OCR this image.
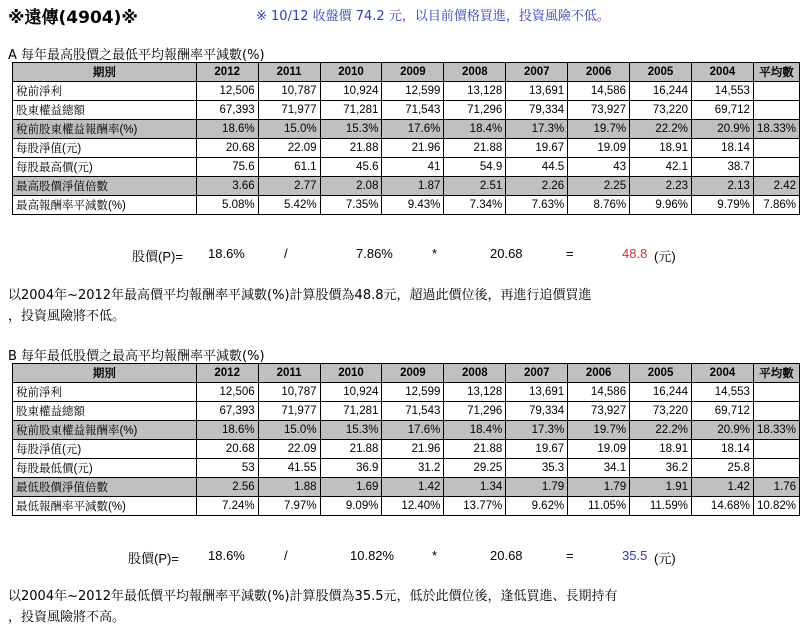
※遠傳(4904)※	※ 10/12 收盤價 74.2 元，以目前價格買進，投資風險不低。
A 每年最高股價之最低平均報酬率平減數(%)
期別	2012	2011	2010	2009	2008	2007	2006	2005	2004	平均數
稅前淨利	12,506	10,787	10,924	12,599	13,128	13,691	14,586	16,244	14,553	
股東權益總額	67,393	71,977	71,281	71,543	71,296	79,334	73,927	73,220	69,712	
稅前股東權益報酬率(%)	18.6%	15.0%	15.3%	17.6%	18.4%	17.3%	19.7%	22.2%	20.9%	18.33%
每股淨值(元)	20.68	22.09	21.88	21.96	21.88	19.67	19.09	18.91	18.14	
每股最高價(元)	75.6	61.1	45.6	41	54.9	44.5	43	42.1	38.7	
最高股價淨值倍數	3.66	2.77	2.08	1.87	2.51	2.26	2.25	2.23	2.13	2.42
最高報酬率平減數(%)	5.08%	5.42%	7.35%	9.43%	7.34%	7.63%	8.76%	9.96%	9.79%	7.86%
股價(P)= 18.6%	/	7.86%	*	20.68	=	48.8 (元)
以2004年~2012年最高價平均報酬率平減數(%)計算股價為48.8元，超過此價位後，再進行追價買進
，投資風險將不低。
B 每年最低股價之最高平均報酬率平減數(%)
期別	2012	2011	2010	2009	2008	2007	2006	2005	2004	平均數
稅前淨利	12,506	10,787	10,924	12,599	13,128	13,691	14,586	16,244	14,553	
股東權益總額	67,393	71,977	71,281	71,543	71,296	79,334	73,927	73,220	69,712	
稅前股東權益報酬率(%)	18.6%	15.0%	15.3%	17.6%	18.4%	17.3%	19.7%	22.2%	20.9%	18.33%
每股淨值(元)	20.68	22.09	21.88	21.96	21.88	19.67	19.09	18.91	18.14	
每股最低價(元)	53	41.55	36.9	31.2	29.25	35.3	34.1	36.2	25.8	
最低股價淨值倍數	2.56	1.88	1.69	1.42	1.34	1.79	1.79	1.91	1.42	1.76
最低報酬率平減數(%)	7.24%	7.97%	9.09%	12.40%	13.77%	9.62%	11.05%	11.59%	14.68%	10.82%
股價(P)= 18.6%	/	10.82%	*	20.68	=	35.5 (元)
以2004年~2012年最低價平均報酬率平減數(%)計算股價為35.5元，低於此價位後，逢低買進、長期持有
，投資風險將不高。
